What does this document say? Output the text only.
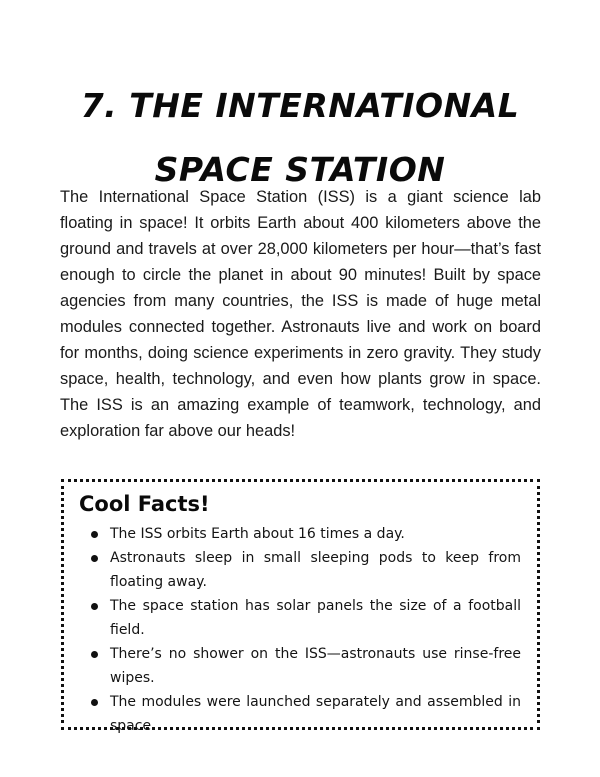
7. THE INTERNATIONAL SPACE STATION

The International Space Station (ISS) is a giant science lab floating in space! It orbits Earth about 400 kilometers above the ground and travels at over 28,000 kilometers per hour—that’s fast enough to circle the planet in about 90 minutes! Built by space agencies from many countries, the ISS is made of huge metal modules connected together. Astronauts live and work on board for months, doing science experiments in zero gravity. They study space, health, technology, and even how plants grow in space. The ISS is an amazing example of teamwork, technology, and exploration far above our heads!

Cool Facts!
The ISS orbits Earth about 16 times a day.
Astronauts sleep in small sleeping pods to keep from floating away.
The space station has solar panels the size of a football field.
There’s no shower on the ISS—astronauts use rinse-free wipes.
The modules were launched separately and assembled in space.
